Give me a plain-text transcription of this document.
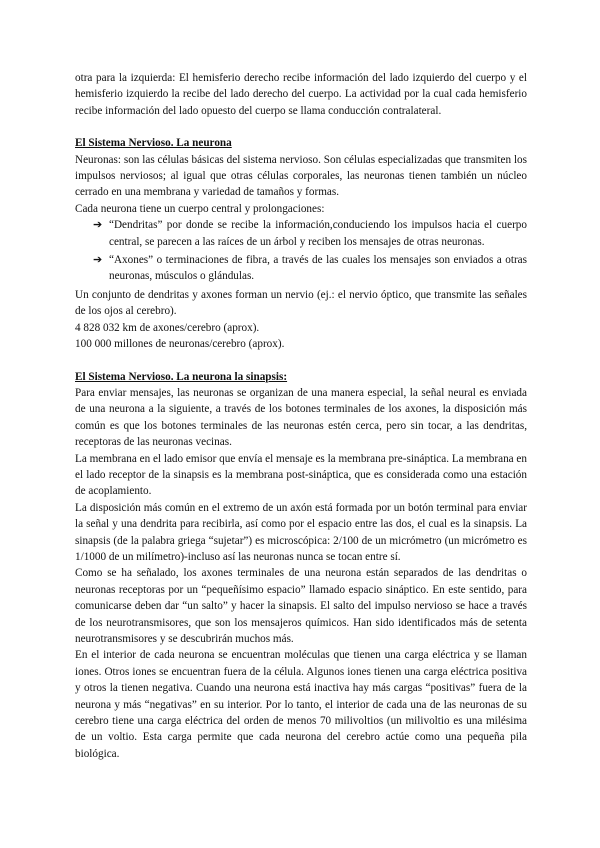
otra para la izquierda: El hemisferio derecho recibe información del lado izquierdo del cuerpo y el hemisferio izquierdo la recibe del lado derecho del cuerpo. La actividad por la cual cada hemisferio recibe información del lado opuesto del cuerpo se llama conducción contralateral.

El Sistema Nervioso. La neurona

Neuronas: son las células básicas del sistema nervioso. Son células especializadas que transmiten los impulsos nerviosos; al igual que otras células corporales, las neuronas tienen también un núcleo cerrado en una membrana y variedad de tamaños y formas.

Cada neurona tiene un cuerpo central y prolongaciones:

➔ “Dendritas” por donde se recibe la información,conduciendo los impulsos hacia el cuerpo central, se parecen a las raíces de un árbol y reciben los mensajes de otras neuronas.
➔ “Axones” o terminaciones de fibra, a través de las cuales los mensajes son enviados a otras neuronas, músculos o glándulas.

Un conjunto de dendritas y axones forman un nervio (ej.: el nervio óptico, que transmite las señales de los ojos al cerebro).

4 828 032 km de axones/cerebro (aprox).

100 000 millones de neuronas/cerebro (aprox).

El Sistema Nervioso. La neurona la sinapsis:

Para enviar mensajes, las neuronas se organizan de una manera especial, la señal neural es enviada de una neurona a la siguiente, a través de los botones terminales de los axones, la disposición más común es que los botones terminales de las neuronas estén cerca, pero sin tocar, a las dendritas, receptoras de las neuronas vecinas.

La membrana en el lado emisor que envía el mensaje es la membrana pre-sináptica. La membrana en el lado receptor de la sinapsis es la membrana post-sináptica, que es considerada como una estación de acoplamiento.

La disposición más común en el extremo de un axón está formada por un botón terminal para enviar la señal y una dendrita para recibirla, así como por el espacio entre las dos, el cual es la sinapsis. La sinapsis (de la palabra griega “sujetar”) es microscópica: 2/100 de un micrómetro (un micrómetro es 1/1000 de un milímetro)-incluso así las neuronas nunca se tocan entre sí.

Como se ha señalado, los axones terminales de una neurona están separados de las dendritas o neuronas receptoras por un “pequeñísimo espacio” llamado espacio sináptico. En este sentido, para comunicarse deben dar “un salto” y hacer la sinapsis. El salto del impulso nervioso se hace a través de los neurotransmisores, que son los mensajeros químicos. Han sido identificados más de setenta neurotransmisores y se descubrirán muchos más.

En el interior de cada neurona se encuentran moléculas que tienen una carga eléctrica y se llaman iones. Otros iones se encuentran fuera de la célula. Algunos iones tienen una carga eléctrica positiva y otros la tienen negativa. Cuando una neurona está inactiva hay más cargas “positivas” fuera de la neurona y más “negativas” en su interior. Por lo tanto, el interior de cada una de las neuronas de su cerebro tiene una carga eléctrica del orden de menos 70 milivoltios (un milivoltio es una milésima de un voltio. Esta carga permite que cada neurona del cerebro actúe como una pequeña pila biológica.
